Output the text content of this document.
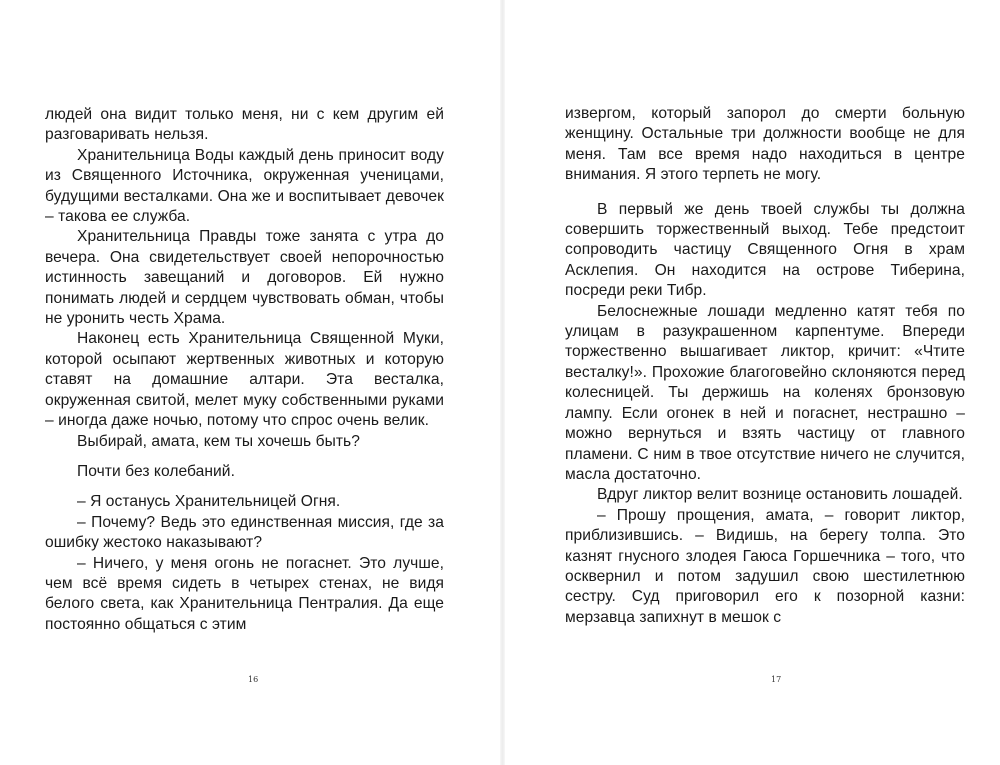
людей она видит только меня, ни с кем другим ей разговаривать нельзя.

Хранительница Воды каждый день приносит воду из Священного Источника, окруженная ученицами, будущими весталками. Она же и воспитывает девочек – такова ее служба.

Хранительница Правды тоже занята с утра до вечера. Она свидетельствует своей непорочностью истинность завещаний и договоров. Ей нужно понимать людей и сердцем чувствовать обман, чтобы не уронить честь Храма.

Наконец есть Хранительница Священной Муки, которой осыпают жертвенных животных и которую ставят на домашние алтари. Эта весталка, окруженная свитой, мелет муку собственными руками – иногда даже ночью, потому что спрос очень велик.

Выбирай, амата, кем ты хочешь быть?

Почти без колебаний.

– Я останусь Хранительницей Огня.

– Почему? Ведь это единственная миссия, где за ошибку жестоко наказывают?

– Ничего, у меня огонь не погаснет. Это лучше, чем всё время сидеть в четырех стенах, не видя белого света, как Хранительница Пентралия. Да еще постоянно общаться с этим

16

извергом, который запорол до смерти больную женщину. Остальные три должности вообще не для меня. Там все время надо находиться в центре внимания. Я этого терпеть не могу.

В первый же день твоей службы ты должна совершить торжественный выход. Тебе предстоит сопроводить частицу Священного Огня в храм Асклепия. Он находится на острове Тиберина, посреди реки Тибр.

Белоснежные лошади медленно катят тебя по улицам в разукрашенном карпентуме. Впереди торжественно вышагивает ликтор, кричит: «Чтите весталку!». Прохожие благоговейно склоняются перед колесницей. Ты держишь на коленях бронзовую лампу. Если огонек в ней и погаснет, нестрашно – можно вернуться и взять частицу от главного пламени. С ним в твое отсутствие ничего не случится, масла достаточно.

Вдруг ликтор велит вознице остановить лошадей.

– Прошу прощения, амата, – говорит ликтор, приблизившись. – Видишь, на берегу толпа. Это казнят гнусного злодея Гаюса Горшечника – того, что осквернил и потом задушил свою шестилетнюю сестру. Суд приговорил его к позорной казни: мерзавца запихнут в мешок с

17
